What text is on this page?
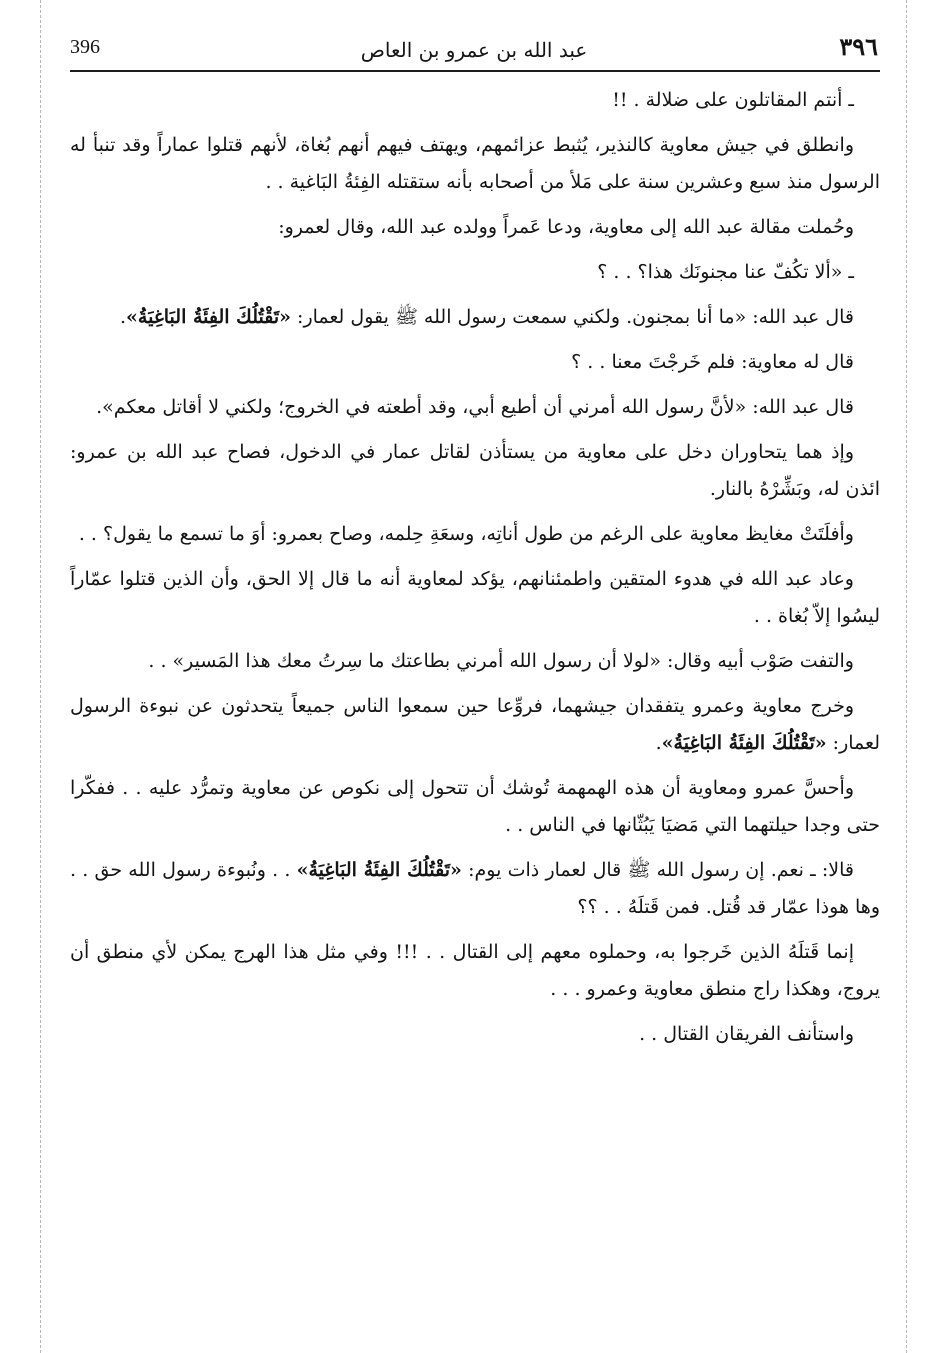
396	عبد الله بن عمرو بن العاص	٣٩٦

ـ أنتم المقاتلون على ضلالة . !!

وانطلق في جيش معاوية كالنذير، يُثبط عزائمهم، ويهتف فيهم أنهم بُغاة، لأنهم قتلوا عماراً وقد تنبأ له الرسول منذ سبع وعشرين سنة على مَلأ من أصحابه بأنه ستقتله الفِئةُ البَاغية . .

وحُملت مقالة عبد الله إلى معاوية، ودعا عَمراً وولده عبد الله، وقال لعمرو:

ـ «ألا تكُفّ عنا مجنونَك هذا؟ . . ؟

قال عبد الله: «ما أنا بمجنون. ولكني سمعت رسول الله ﷺ يقول لعمار: «تَقْتُلُكَ الفِئَةُ البَاغِيَةُ».

قال له معاوية: فلم خَرجْتَ معنا . . ؟

قال عبد الله: «لأنَّ رسول الله أمرني أن أطيع أبي، وقد أطعته في الخروج؛ ولكني لا أقاتل معكم».

وإذ هما يتحاوران دخل على معاوية من يستأذن لقاتل عمار في الدخول، فصاح عبد الله بن عمرو: ائذن له، وبَشِّرْهُ بالنار.

وأفلَتَتْ مغايظ معاوية على الرغم من طول أناتِه، وسعَةِ حِلمه، وصاح بعمرو: أوَ ما تسمع ما يقول؟ . .

وعاد عبد الله في هدوء المتقين واطمئنانهم، يؤكد لمعاوية أنه ما قال إلا الحق، وأن الذين قتلوا عمّاراً ليسُوا إلاّ بُغاة . .

والتفت صَوْب أبيه وقال: «لولا أن رسول الله أمرني بطاعتك ما سِرتُ معك هذا المَسير» . .

وخرج معاوية وعمرو يتفقدان جيشهما، فروِّعا حين سمعوا الناس جميعاً يتحدثون عن نبوءة الرسول لعمار: «تَقْتُلُكَ الفِئَةُ البَاغِيَةُ».

وأحسَّ عمرو ومعاوية أن هذه الهمهمة تُوشك أن تتحول إلى نكوص عن معاوية وتمرُّد عليه . . ففكّرا حتى وجدا حيلتهما التي مَضيَا يَبُثّانها في الناس . .

قالا: ـ نعم. إن رسول الله ﷺ قال لعمار ذات يوم: «تَقْتُلُكَ الفِئَةُ البَاغِيَةُ» . . ونُبوءة رسول الله حق . . وها هوذا عمّار قد قُتل. فمن قَتلَهُ . . ؟؟

إنما قَتلَهُ الذين خَرجوا به، وحملوه معهم إلى القتال . . !!! وفي مثل هذا الهرج يمكن لأي منطق أن يروج، وهكذا راج منطق معاوية وعمرو . . .

واستأنف الفريقان القتال . .
